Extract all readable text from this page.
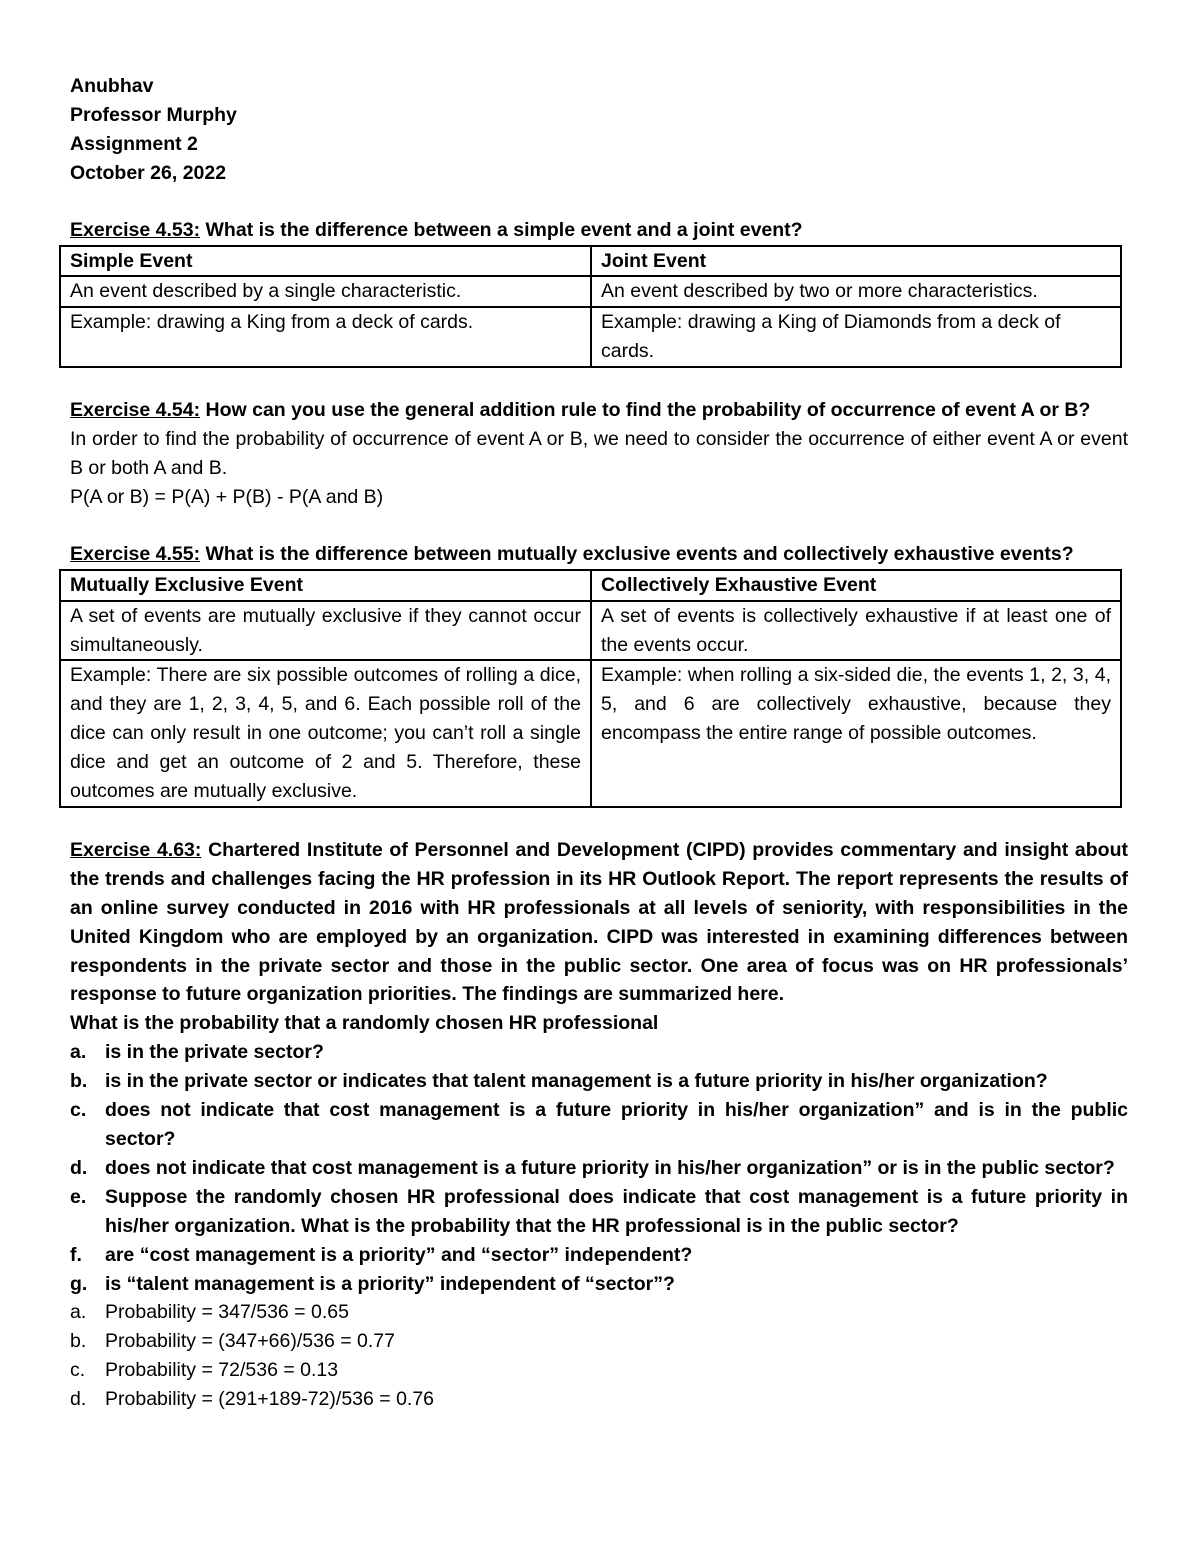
Anubhav
Professor Murphy
Assignment 2
October 26, 2022

Exercise 4.53: What is the difference between a simple event and a joint event?

Simple Event	Joint Event
An event described by a single characteristic.	An event described by two or more characteristics.
Example: drawing a King from a deck of cards.	Example: drawing a King of Diamonds from a deck of cards.

Exercise 4.54: How can you use the general addition rule to find the probability of occurrence of event A or B?

In order to find the probability of occurrence of event A or B, we need to consider the occurrence of either event A or event B or both A and B.

P(A or B) = P(A) + P(B) - P(A and B)

Exercise 4.55: What is the difference between mutually exclusive events and collectively exhaustive events?

Mutually Exclusive Event	Collectively Exhaustive Event
A set of events are mutually exclusive if they cannot occur simultaneously.	A set of events is collectively exhaustive if at least one of the events occur.
Example: There are six possible outcomes of rolling a dice, and they are 1, 2, 3, 4, 5, and 6. Each possible roll of the dice can only result in one outcome; you can’t roll a single dice and get an outcome of 2 and 5. Therefore, these outcomes are mutually exclusive.	Example: when rolling a six-sided die, the events 1, 2, 3, 4, 5, and 6 are collectively exhaustive, because they encompass the entire range of possible outcomes.

Exercise 4.63: Chartered Institute of Personnel and Development (CIPD) provides commentary and insight about the trends and challenges facing the HR profession in its HR Outlook Report. The report represents the results of an online survey conducted in 2016 with HR professionals at all levels of seniority, with responsibilities in the United Kingdom who are employed by an organization. CIPD was interested in examining differences between respondents in the private sector and those in the public sector. One area of focus was on HR professionals’ response to future organization priorities. The findings are summarized here.

What is the probability that a randomly chosen HR professional

a. is in the private sector?
b. is in the private sector or indicates that talent management is a future priority in his/her organization?
c. does not indicate that cost management is a future priority in his/her organization” and is in the public sector?
d. does not indicate that cost management is a future priority in his/her organization” or is in the public sector?
e. Suppose the randomly chosen HR professional does indicate that cost management is a future priority in his/her organization. What is the probability that the HR professional is in the public sector?
f. are “cost management is a priority” and “sector” independent?
g. is “talent management is a priority” independent of “sector”?
a. Probability = 347/536 = 0.65
b. Probability = (347+66)/536 = 0.77
c. Probability = 72/536 = 0.13
d. Probability = (291+189-72)/536 = 0.76
